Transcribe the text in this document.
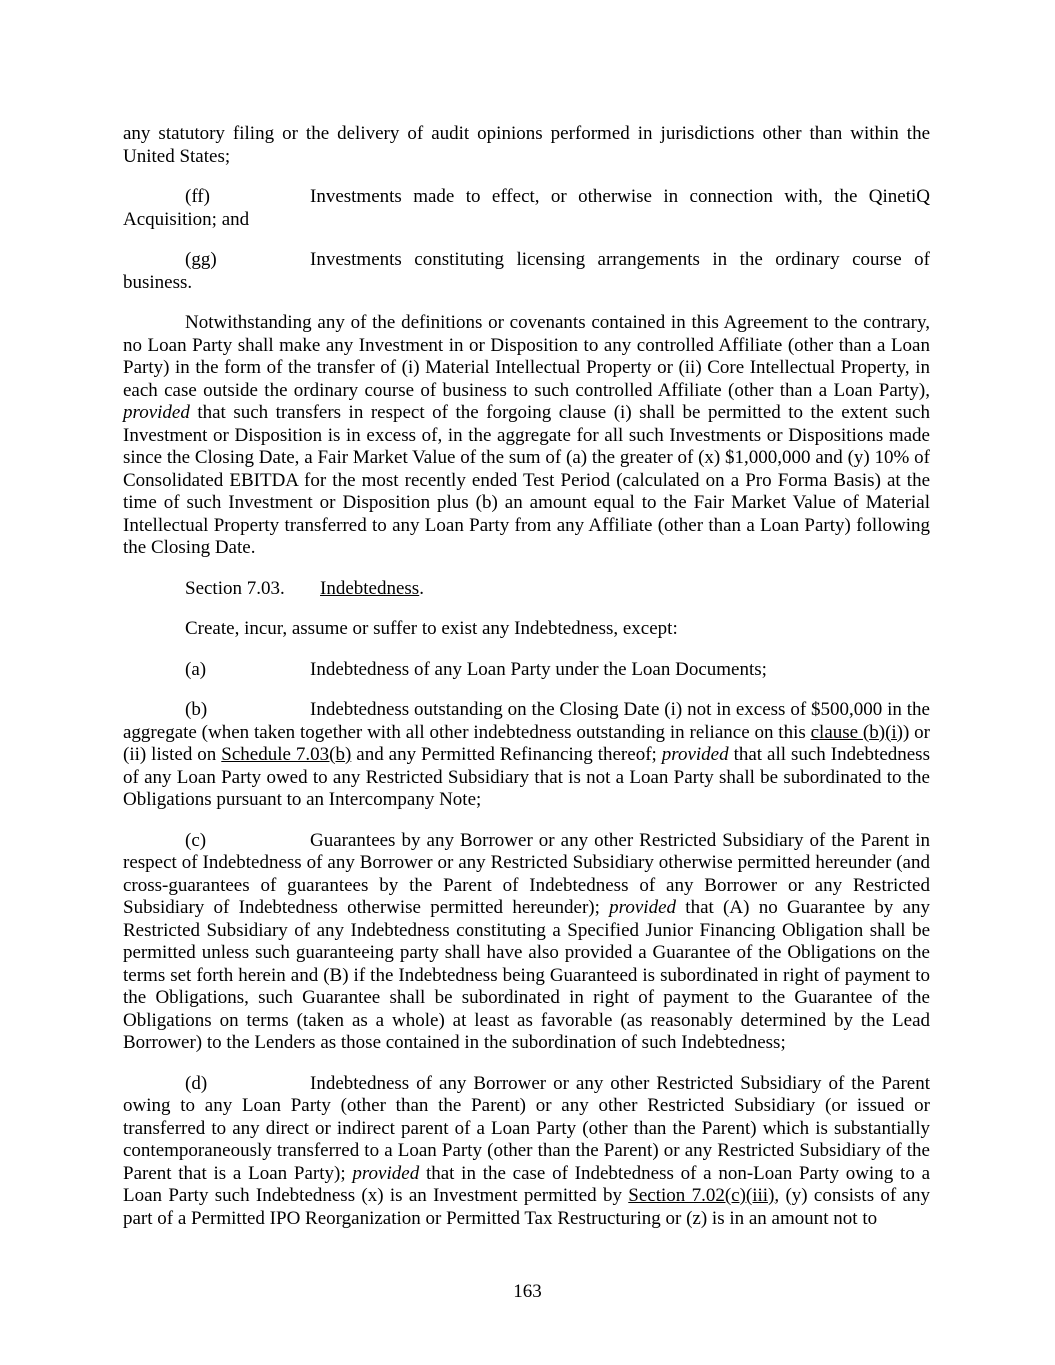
any statutory filing or the delivery of audit opinions performed in jurisdictions other than within the United States;

(ff)	Investments made to effect, or otherwise in connection with, the QinetiQ Acquisition; and

(gg)	Investments constituting licensing arrangements in the ordinary course of business.

Notwithstanding any of the definitions or covenants contained in this Agreement to the contrary, no Loan Party shall make any Investment in or Disposition to any controlled Affiliate (other than a Loan Party) in the form of the transfer of (i) Material Intellectual Property or (ii) Core Intellectual Property, in each case outside the ordinary course of business to such controlled Affiliate (other than a Loan Party), provided that such transfers in respect of the forgoing clause (i) shall be permitted to the extent such Investment or Disposition is in excess of, in the aggregate for all such Investments or Dispositions made since the Closing Date, a Fair Market Value of the sum of (a) the greater of (x) $1,000,000 and (y) 10% of Consolidated EBITDA for the most recently ended Test Period (calculated on a Pro Forma Basis) at the time of such Investment or Disposition plus (b) an amount equal to the Fair Market Value of Material Intellectual Property transferred to any Loan Party from any Affiliate (other than a Loan Party) following the Closing Date.

Section 7.03. Indebtedness.

Create, incur, assume or suffer to exist any Indebtedness, except:

(a)	Indebtedness of any Loan Party under the Loan Documents;

(b)	Indebtedness outstanding on the Closing Date (i) not in excess of $500,000 in the aggregate (when taken together with all other indebtedness outstanding in reliance on this clause (b)(i)) or (ii) listed on Schedule 7.03(b) and any Permitted Refinancing thereof; provided that all such Indebtedness of any Loan Party owed to any Restricted Subsidiary that is not a Loan Party shall be subordinated to the Obligations pursuant to an Intercompany Note;

(c)	Guarantees by any Borrower or any other Restricted Subsidiary of the Parent in respect of Indebtedness of any Borrower or any Restricted Subsidiary otherwise permitted hereunder (and cross-guarantees of guarantees by the Parent of Indebtedness of any Borrower or any Restricted Subsidiary of Indebtedness otherwise permitted hereunder); provided that (A) no Guarantee by any Restricted Subsidiary of any Indebtedness constituting a Specified Junior Financing Obligation shall be permitted unless such guaranteeing party shall have also provided a Guarantee of the Obligations on the terms set forth herein and (B) if the Indebtedness being Guaranteed is subordinated in right of payment to the Obligations, such Guarantee shall be subordinated in right of payment to the Guarantee of the Obligations on terms (taken as a whole) at least as favorable (as reasonably determined by the Lead Borrower) to the Lenders as those contained in the subordination of such Indebtedness;

(d)	Indebtedness of any Borrower or any other Restricted Subsidiary of the Parent owing to any Loan Party (other than the Parent) or any other Restricted Subsidiary (or issued or transferred to any direct or indirect parent of a Loan Party (other than the Parent) which is substantially contemporaneously transferred to a Loan Party (other than the Parent) or any Restricted Subsidiary of the Parent that is a Loan Party); provided that in the case of Indebtedness of a non-Loan Party owing to a Loan Party such Indebtedness (x) is an Investment permitted by Section 7.02(c)(iii), (y) consists of any part of a Permitted IPO Reorganization or Permitted Tax Restructuring or (z) is in an amount not to

163
